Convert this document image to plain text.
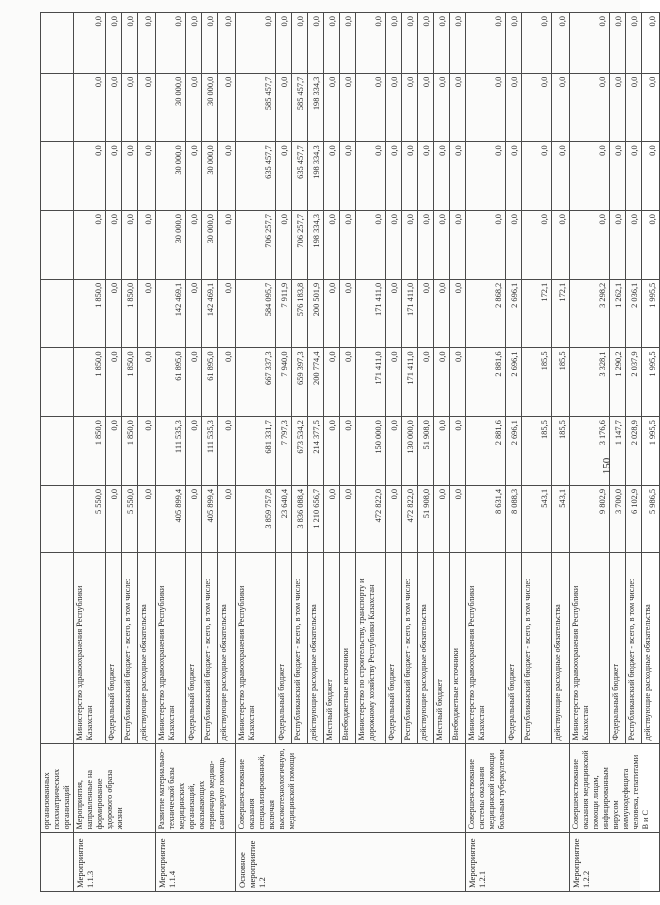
	организованных психиатрических организаций									
Мероприятие 1.1.3	Мероприятия, направленные на формирование здорового образа жизни	Министерство здравоохранения Республики Казахстан	5 550,0	1 850,0	1 850,0	1 850,0	0,0	0,0	0,0	0,0
		Федеральный бюджет	0,0	0,0	0,0	0,0	0,0	0,0	0,0	0,0
		Республиканский бюджет - всего, в том числе:	5 550,0	1 850,0	1 850,0	1 850,0	0,0	0,0	0,0	0,0
		действующие расходные обязательства	0,0	0,0	0,0	0,0	0,0	0,0	0,0	0,0
Мероприятие 1.1.4	Развитие материально-технической базы медицинских организаций, оказывающих первичную медико-санитарную помощь	Министерство здравоохранения Республики Казахстан	405 899,4	111 535,3	61 895,0	142 469,1	30 000,0	30 000,0	30 000,0	0,0
		Федеральный бюджет	0,0	0,0	0,0	0,0	0,0	0,0	0,0	0,0
		Республиканский бюджет - всего, в том числе:	405 899,4	111 535,3	61 895,0	142 469,1	30 000,0	30 000,0	30 000,0	0,0
		действующие расходные обязательства	0,0	0,0	0,0	0,0	0,0	0,0	0,0	0,0
Основное мероприятие 1.2	Совершенствование оказания специализированной, включая высокотехнологичную, медицинской помощи	Министерство здравоохранения Республики Казахстан	3 859 757,8	681 331,7	667 337,3	584 095,7	706 257,7	635 457,7	585 457,7	0,0
		Федеральный бюджет	23 640,4	7 797,3	7 940,0	7 911,9	0,0	0,0	0,0	0,0
		Республиканский бюджет - всего, в том числе:	3 836 088,4	673 534,2	659 397,3	576 183,8	706 257,7	635 457,7	585 457,7	0,0
		действующие расходные обязательства	1 210 656,7	214 377,5	200 774,4	200 501,9	198 334,3	198 334,3	198 334,3	0,0
		Местный бюджет	0,0	0,0	0,0	0,0	0,0	0,0	0,0	0,0
		Внебюджетные источники	0,0	0,0	0,0	0,0	0,0	0,0	0,0	0,0
		Министерство по строительству, транспорту и дорожному хозяйству Республики Казахстан	472 822,0	150 000,0	171 411,0	171 411,0	0,0	0,0	0,0	0,0
		Федеральный бюджет	0,0	0,0	0,0	0,0	0,0	0,0	0,0	0,0
		Республиканский бюджет - всего, в том числе:	472 822,0	130 000,0	171 411,0	171 411,0	0,0	0,0	0,0	0,0
		действующие расходные обязательства	51 908,0	51 908,0	0,0	0,0	0,0	0,0	0,0	0,0
		Местный бюджет	0,0	0,0	0,0	0,0	0,0	0,0	0,0	0,0
		Внебюджетные источники	0,0	0,0	0,0	0,0	0,0	0,0	0,0	0,0
Мероприятие 1.2.1	Совершенствование системы оказания медицинской помощи больным туберкулезом	Министерство здравоохранения Республики Казахстан	8 631,4	2 881,6	2 881,6	2 868,2	0,0	0,0	0,0	0,0
		Федеральный бюджет	8 088,3	2 696,1	2 696,1	2 696,1	0,0	0,0	0,0	0,0
		Республиканский бюджет - всего, в том числе:	543,1	185,5	185,5	172,1	0,0	0,0	0,0	0,0
		действующие расходные обязательства	543,1	185,5	185,5	172,1	0,0	0,0	0,0	0,0
Мероприятие 1.2.2	Совершенствование оказания медицинской помощи лицам, инфицированным вирусом иммунодефицита человека, гепатитами B и C	Министерство здравоохранения Республики Казахстан	9 802,9	3 176,6	3 328,1	3 298,2	0,0	0,0	0,0	0,0
		Федеральный бюджет	3 700,0	1 147,7	1 290,2	1 262,1	0,0	0,0	0,0	0,0
		Республиканский бюджет - всего, в том числе:	6 102,9	2 028,9	2 037,9	2 036,1	0,0	0,0	0,0	0,0
		действующие расходные обязательства	5 986,5	1 995,5	1 995,5	1 995,5	0,0	0,0	0,0	0,0
150
